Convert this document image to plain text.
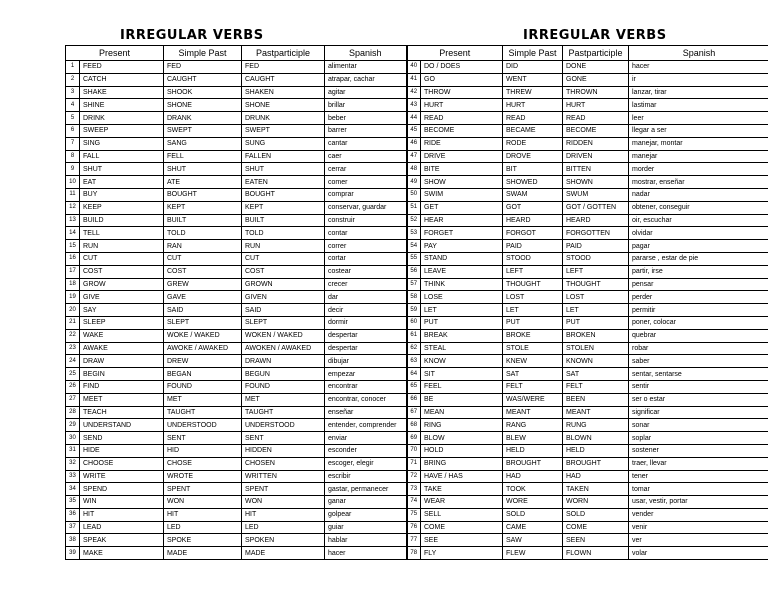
IRREGULAR VERBS	IRREGULAR VERBS
Present		Simple Past	Pastparticiple	Spanish	Present		Simple Past	Pastparticiple	Spanish
1	FEED	FED	FED	alimentar	40	DO / DOES	DID	DONE	hacer
2	CATCH	CAUGHT	CAUGHT	atrapar, cachar	41	GO	WENT	GONE	ir
3	SHAKE	SHOOK	SHAKEN	agitar	42	THROW	THREW	THROWN	lanzar, tirar
4	SHINE	SHONE	SHONE	brillar	43	HURT	HURT	HURT	lastimar
5	DRINK	DRANK	DRUNK	beber	44	READ	READ	READ	leer
6	SWEEP	SWEPT	SWEPT	barrer	45	BECOME	BECAME	BECOME	llegar a ser
7	SING	SANG	SUNG	cantar	46	RIDE	RODE	RIDDEN	manejar, montar
8	FALL	FELL	FALLEN	caer	47	DRIVE	DROVE	DRIVEN	manejar
9	SHUT	SHUT	SHUT	cerrar	48	BITE	BIT	BITTEN	morder
10	EAT	ATE	EATEN	comer	49	SHOW	SHOWED	SHOWN	mostrar, enseñar
11	BUY	BOUGHT	BOUGHT	comprar	50	SWIM	SWAM	SWUM	nadar
12	KEEP	KEPT	KEPT	conservar, guardar	51	GET	GOT	GOT / GOTTEN	obtener, conseguir
13	BUILD	BUILT	BUILT	construir	52	HEAR	HEARD	HEARD	oir, escuchar
14	TELL	TOLD	TOLD	contar	53	FORGET	FORGOT	FORGOTTEN	olvidar
15	RUN	RAN	RUN	correr	54	PAY	PAID	PAID	pagar
16	CUT	CUT	CUT	cortar	55	STAND	STOOD	STOOD	pararse , estar de pie
17	COST	COST	COST	costear	56	LEAVE	LEFT	LEFT	partir, irse
18	GROW	GREW	GROWN	crecer	57	THINK	THOUGHT	THOUGHT	pensar
19	GIVE	GAVE	GIVEN	dar	58	LOSE	LOST	LOST	perder
20	SAY	SAID	SAID	decir	59	LET	LET	LET	permitir
21	SLEEP	SLEPT	SLEPT	dormir	60	PUT	PUT	PUT	poner, colocar
22	WAKE	WOKE / WAKED	WOKEN / WAKED	despertar	61	BREAK	BROKE	BROKEN	quebrar
23	AWAKE	AWOKE / AWAKED	AWOKEN / AWAKED	despertar	62	STEAL	STOLE	STOLEN	robar
24	DRAW	DREW	DRAWN	dibujar	63	KNOW	KNEW	KNOWN	saber
25	BEGIN	BEGAN	BEGUN	empezar	64	SIT	SAT	SAT	sentar, sentarse
26	FIND	FOUND	FOUND	encontrar	65	FEEL	FELT	FELT	sentir
27	MEET	MET	MET	encontrar, conocer	66	BE	WAS/WERE	BEEN	ser o estar
28	TEACH	TAUGHT	TAUGHT	enseñar	67	MEAN	MEANT	MEANT	significar
29	UNDERSTAND	UNDERSTOOD	UNDERSTOOD	entender, comprender	68	RING	RANG	RUNG	sonar
30	SEND	SENT	SENT	enviar	69	BLOW	BLEW	BLOWN	soplar
31	HIDE	HID	HIDDEN	esconder	70	HOLD	HELD	HELD	sostener
32	CHOOSE	CHOSE	CHOSEN	escoger, elegir	71	BRING	BROUGHT	BROUGHT	traer, llevar
33	WRITE	WROTE	WRITTEN	escribir	72	HAVE / HAS	HAD	HAD	tener
34	SPEND	SPENT	SPENT	gastar, permanecer	73	TAKE	TOOK	TAKEN	tomar
35	WIN	WON	WON	ganar	74	WEAR	WORE	WORN	usar, vestir, portar
36	HIT	HIT	HIT	golpear	75	SELL	SOLD	SOLD	vender
37	LEAD	LED	LED	guiar	76	COME	CAME	COME	venir
38	SPEAK	SPOKE	SPOKEN	hablar	77	SEE	SAW	SEEN	ver
39	MAKE	MADE	MADE	hacer	78	FLY	FLEW	FLOWN	volar
